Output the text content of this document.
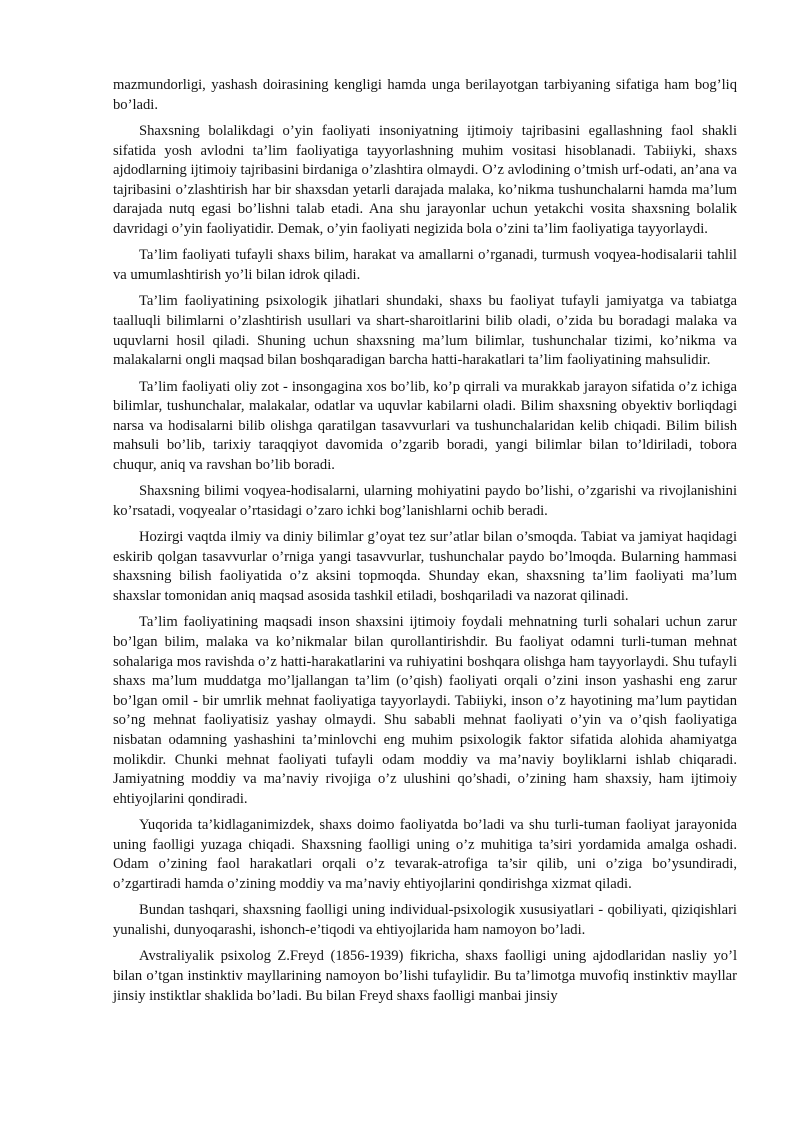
mazmundorligi, yashash doirasining kengligi hamda unga berilayotgan tarbiyaning sifatiga ham bog’liq bo’ladi.

Shaxsning bolalikdagi o’yin faoliyati insoniyatning ijtimoiy tajribasini egallashning faol shakli sifatida yosh avlodni ta’lim faoliyatiga tayyorlashning muhim vositasi hisoblanadi. Tabiiyki, shaxs ajdodlarning ijtimoiy tajribasini birdaniga o’zlashtira olmaydi. O’z avlodining o’tmish urf-odati, an’ana va tajribasini o’zlashtirish har bir shaxsdan yetarli darajada malaka, ko’nikma tushunchalarni hamda ma’lum darajada nutq egasi bo’lishni talab etadi. Ana shu jarayonlar uchun yetakchi vosita shaxsning bolalik davridagi o’yin faoliyatidir. Demak, o’yin faoliyati negizida bola o’zini ta’lim faoliyatiga tayyorlaydi.

Ta’lim faoliyati tufayli shaxs bilim, harakat va amallarni o’rganadi, turmush voqyea-hodisalarii tahlil va umumlashtirish yo’li bilan idrok qiladi.

Ta’lim faoliyatining psixologik jihatlari shundaki, shaxs bu faoliyat tufayli jamiyatga va tabiatga taalluqli bilimlarni o’zlashtirish usullari va shart-sharoitlarini bilib oladi, o’zida bu boradagi malaka va uquvlarni hosil qiladi. Shuning uchun shaxsning ma’lum bilimlar, tushunchalar tizimi, ko’nikma va malakalarni ongli maqsad bilan boshqaradigan barcha hatti-harakatlari ta’lim faoliyatining mahsulidir.

Ta’lim faoliyati oliy zot - insongagina xos bo’lib, ko’p qirrali va murakkab jarayon sifatida o’z ichiga bilimlar, tushunchalar, malakalar, odatlar va uquvlar kabilarni oladi. Bilim shaxsning obyektiv borliqdagi narsa va hodisalarni bilib olishga qaratilgan tasavvurlari va tushunchalaridan kelib chiqadi. Bilim bilish mahsuli bo’lib, tarixiy taraqqiyot davomida o’zgarib boradi, yangi bilimlar bilan to’ldiriladi, tobora chuqur, aniq va ravshan bo’lib boradi.

Shaxsning bilimi voqyea-hodisalarni, ularning mohiyatini paydo bo’lishi, o’zgarishi va rivojlanishini ko’rsatadi, voqyealar o’rtasidagi o’zaro ichki bog’lanishlarni ochib beradi.

Hozirgi vaqtda ilmiy va diniy bilimlar g’oyat tez sur’atlar bilan o’smoqda. Tabiat va jamiyat haqidagi eskirib qolgan tasavvurlar o’rniga yangi tasavvurlar, tushunchalar paydo bo’lmoqda. Bularning hammasi shaxsning bilish faoliyatida o’z aksini topmoqda. Shunday ekan, shaxsning ta’lim faoliyati ma’lum shaxslar tomonidan aniq maqsad asosida tashkil etiladi, boshqariladi va nazorat qilinadi.

Ta’lim faoliyatining maqsadi inson shaxsini ijtimoiy foydali mehnatning turli sohalari uchun zarur bo’lgan bilim, malaka va ko’nikmalar bilan qurollantirishdir. Bu faoliyat odamni turli-tuman mehnat sohalariga mos ravishda o’z hatti-harakatlarini va ruhiyatini boshqara olishga ham tayyorlaydi. Shu tufayli shaxs ma’lum muddatga mo’ljallangan ta’lim (o’qish) faoliyati orqali o’zini inson yashashi eng zarur bo’lgan omil - bir umrlik mehnat faoliyatiga tayyorlaydi. Tabiiyki, inson o’z hayotining ma’lum paytidan so’ng mehnat faoliyatisiz yashay olmaydi. Shu sababli mehnat faoliyati o’yin va o’qish faoliyatiga nisbatan odamning yashashini ta’minlovchi eng muhim psixologik faktor sifatida alohida ahamiyatga molikdir. Chunki mehnat faoliyati tufayli odam moddiy va ma’naviy boyliklarni ishlab chiqaradi. Jamiyatning moddiy va ma’naviy rivojiga o’z ulushini qo’shadi, o’zining ham shaxsiy, ham ijtimoiy ehtiyojlarini qondiradi.

Yuqorida ta’kidlaganimizdek, shaxs doimo faoliyatda bo’ladi va shu turli-tuman faoliyat jarayonida uning faolligi yuzaga chiqadi. Shaxsning faolligi uning o’z muhitiga ta’siri yordamida amalga oshadi. Odam o’zining faol harakatlari orqali o’z tevarak-atrofiga ta’sir qilib, uni o’ziga bo’ysundiradi, o’zgartiradi hamda o’zining moddiy va ma’naviy ehtiyojlarini qondirishga xizmat qiladi.

Bundan tashqari, shaxsning faolligi uning individual-psixologik xususiyatlari - qobiliyati, qiziqishlari yunalishi, dunyoqarashi, ishonch-e’tiqodi va ehtiyojlarida ham namoyon bo’ladi.

Avstraliyalik psixolog Z.Freyd (1856-1939) fikricha, shaxs faolligi uning ajdodlaridan nasliy yo’l bilan o’tgan instinktiv mayllarining namoyon bo’lishi tufaylidir. Bu ta’limotga muvofiq instinktiv mayllar jinsiy instiktlar shaklida bo’ladi. Bu bilan Freyd shaxs faolligi manbai jinsiy
